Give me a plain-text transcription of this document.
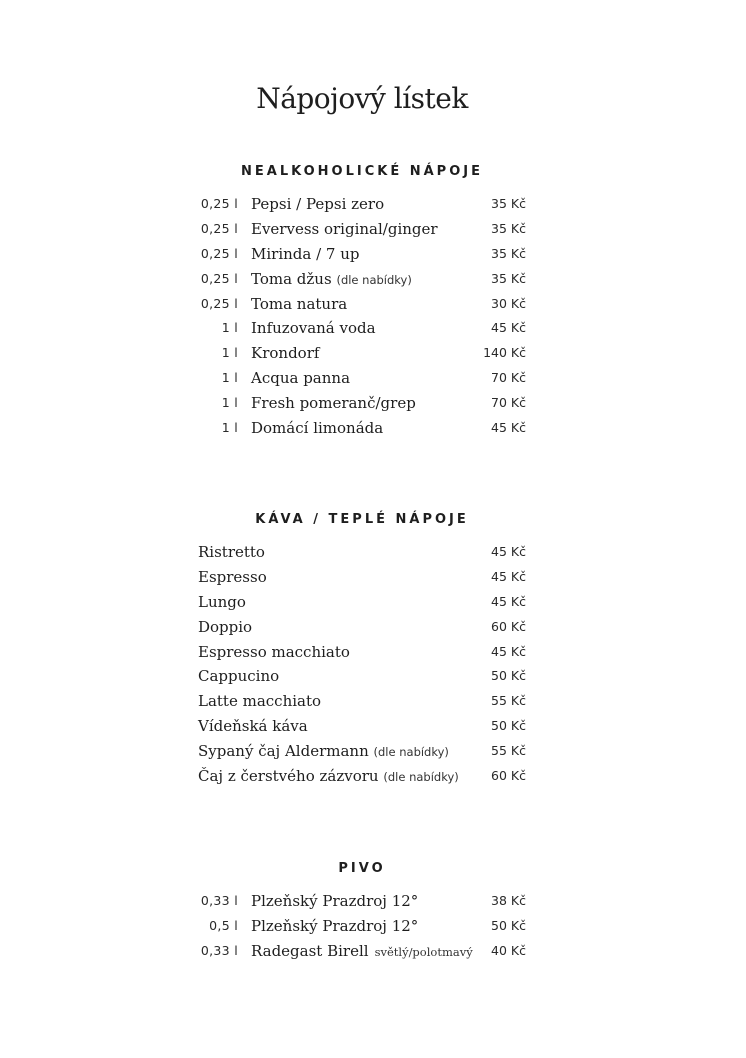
Nápojový lístek
NEALKOHOLICKÉ NÁPOJE
0,25 l Pepsi / Pepsi zero	35 Kč
0,25 l Evervess original/ginger	35 Kč
0,25 l Mirinda / 7 up	35 Kč
0,25 l Toma džus (dle nabídky)	35 Kč
0,25 l Toma natura	30 Kč
1 l Infuzovaná voda	45 Kč
1 l Krondorf	140 Kč
1 l Acqua panna	70 Kč
1 l Fresh pomeranč/grep	70 Kč
1 l Domácí limonáda	45 Kč
KÁVA / TEPLÉ NÁPOJE
Ristretto	45 Kč
Espresso	45 Kč
Lungo	45 Kč
Doppio	60 Kč
Espresso macchiato	45 Kč
Cappucino	50 Kč
Latte macchiato	55 Kč
Vídeňská káva	50 Kč
Sypaný čaj Aldermann (dle nabídky)	55 Kč
Čaj z čerstvého zázvoru (dle nabídky)	60 Kč
PIVO
0,33 l Plzeňský Prazdroj 12°	38 Kč
0,5 l Plzeňský Prazdroj 12°	50 Kč
0,33 l Radegast Birell světlý/polotmavý 40 Kč
